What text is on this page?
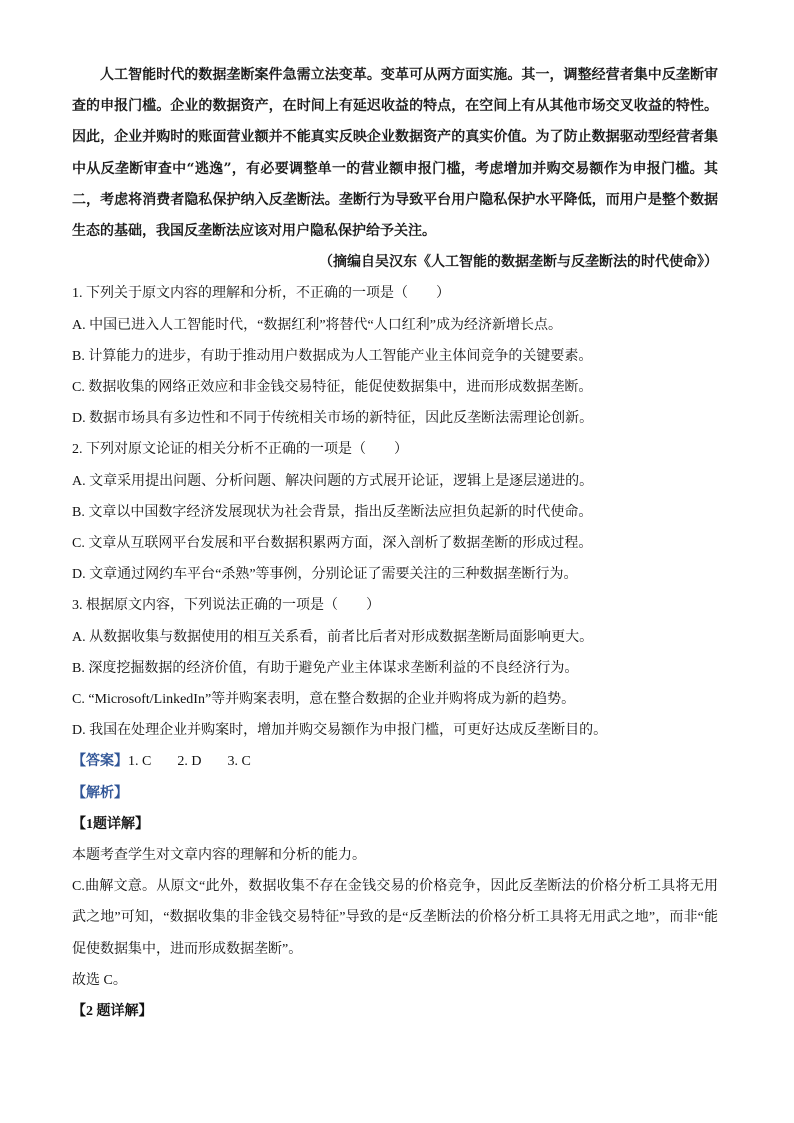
人工智能时代的数据垄断案件急需立法变革。变革可从两方面实施。其一，调整经营者集中反垄断审查的申报门槛。企业的数据资产，在时间上有延迟收益的特点，在空间上有从其他市场交叉收益的特性。因此，企业并购时的账面营业额并不能真实反映企业数据资产的真实价值。为了防止数据驱动型经营者集中从反垄断审查中“逃逸”，有必要调整单一的营业额申报门槛，考虑增加并购交易额作为申报门槛。其二，考虑将消费者隐私保护纳入反垄断法。垄断行为导致平台用户隐私保护水平降低，而用户是整个数据生态的基础，我国反垄断法应该对用户隐私保护给予关注。

（摘编自吴汉东《人工智能的数据垄断与反垄断法的时代使命》）

1. 下列关于原文内容的理解和分析，不正确的一项是（　　）

A. 中国已进入人工智能时代，“数据红利”将替代“人口红利”成为经济新增长点。

B. 计算能力的进步，有助于推动用户数据成为人工智能产业主体间竞争的关键要素。

C. 数据收集的网络正效应和非金钱交易特征，能促使数据集中，进而形成数据垄断。

D. 数据市场具有多边性和不同于传统相关市场的新特征，因此反垄断法需理论创新。

2. 下列对原文论证的相关分析不正确的一项是（　　）

A. 文章采用提出问题、分析问题、解决问题的方式展开论证，逻辑上是逐层递进的。

B. 文章以中国数字经济发展现状为社会背景，指出反垄断法应担负起新的时代使命。

C. 文章从互联网平台发展和平台数据积累两方面，深入剖析了数据垄断的形成过程。

D. 文章通过网约车平台“杀熟”等事例，分别论证了需要关注的三种数据垄断行为。

3. 根据原文内容，下列说法正确的一项是（　　）

A. 从数据收集与数据使用的相互关系看，前者比后者对形成数据垄断局面影响更大。

B. 深度挖掘数据的经济价值，有助于避免产业主体谋求垄断利益的不良经济行为。

C. “Microsoft/LinkedIn”等并购案表明，意在整合数据的企业并购将成为新的趋势。

D. 我国在处理企业并购案时，增加并购交易额作为申报门槛，可更好达成反垄断目的。

【答案】1. C 2. D 3. C

【解析】

【1题详解】

本题考查学生对文章内容的理解和分析的能力。

C.曲解文意。从原文“此外，数据收集不存在金钱交易的价格竞争，因此反垄断法的价格分析工具将无用武之地”可知，“数据收集的非金钱交易特征”导致的是“反垄断法的价格分析工具将无用武之地”，而非“能促使数据集中，进而形成数据垄断”。

故选 C。

【2 题详解】
